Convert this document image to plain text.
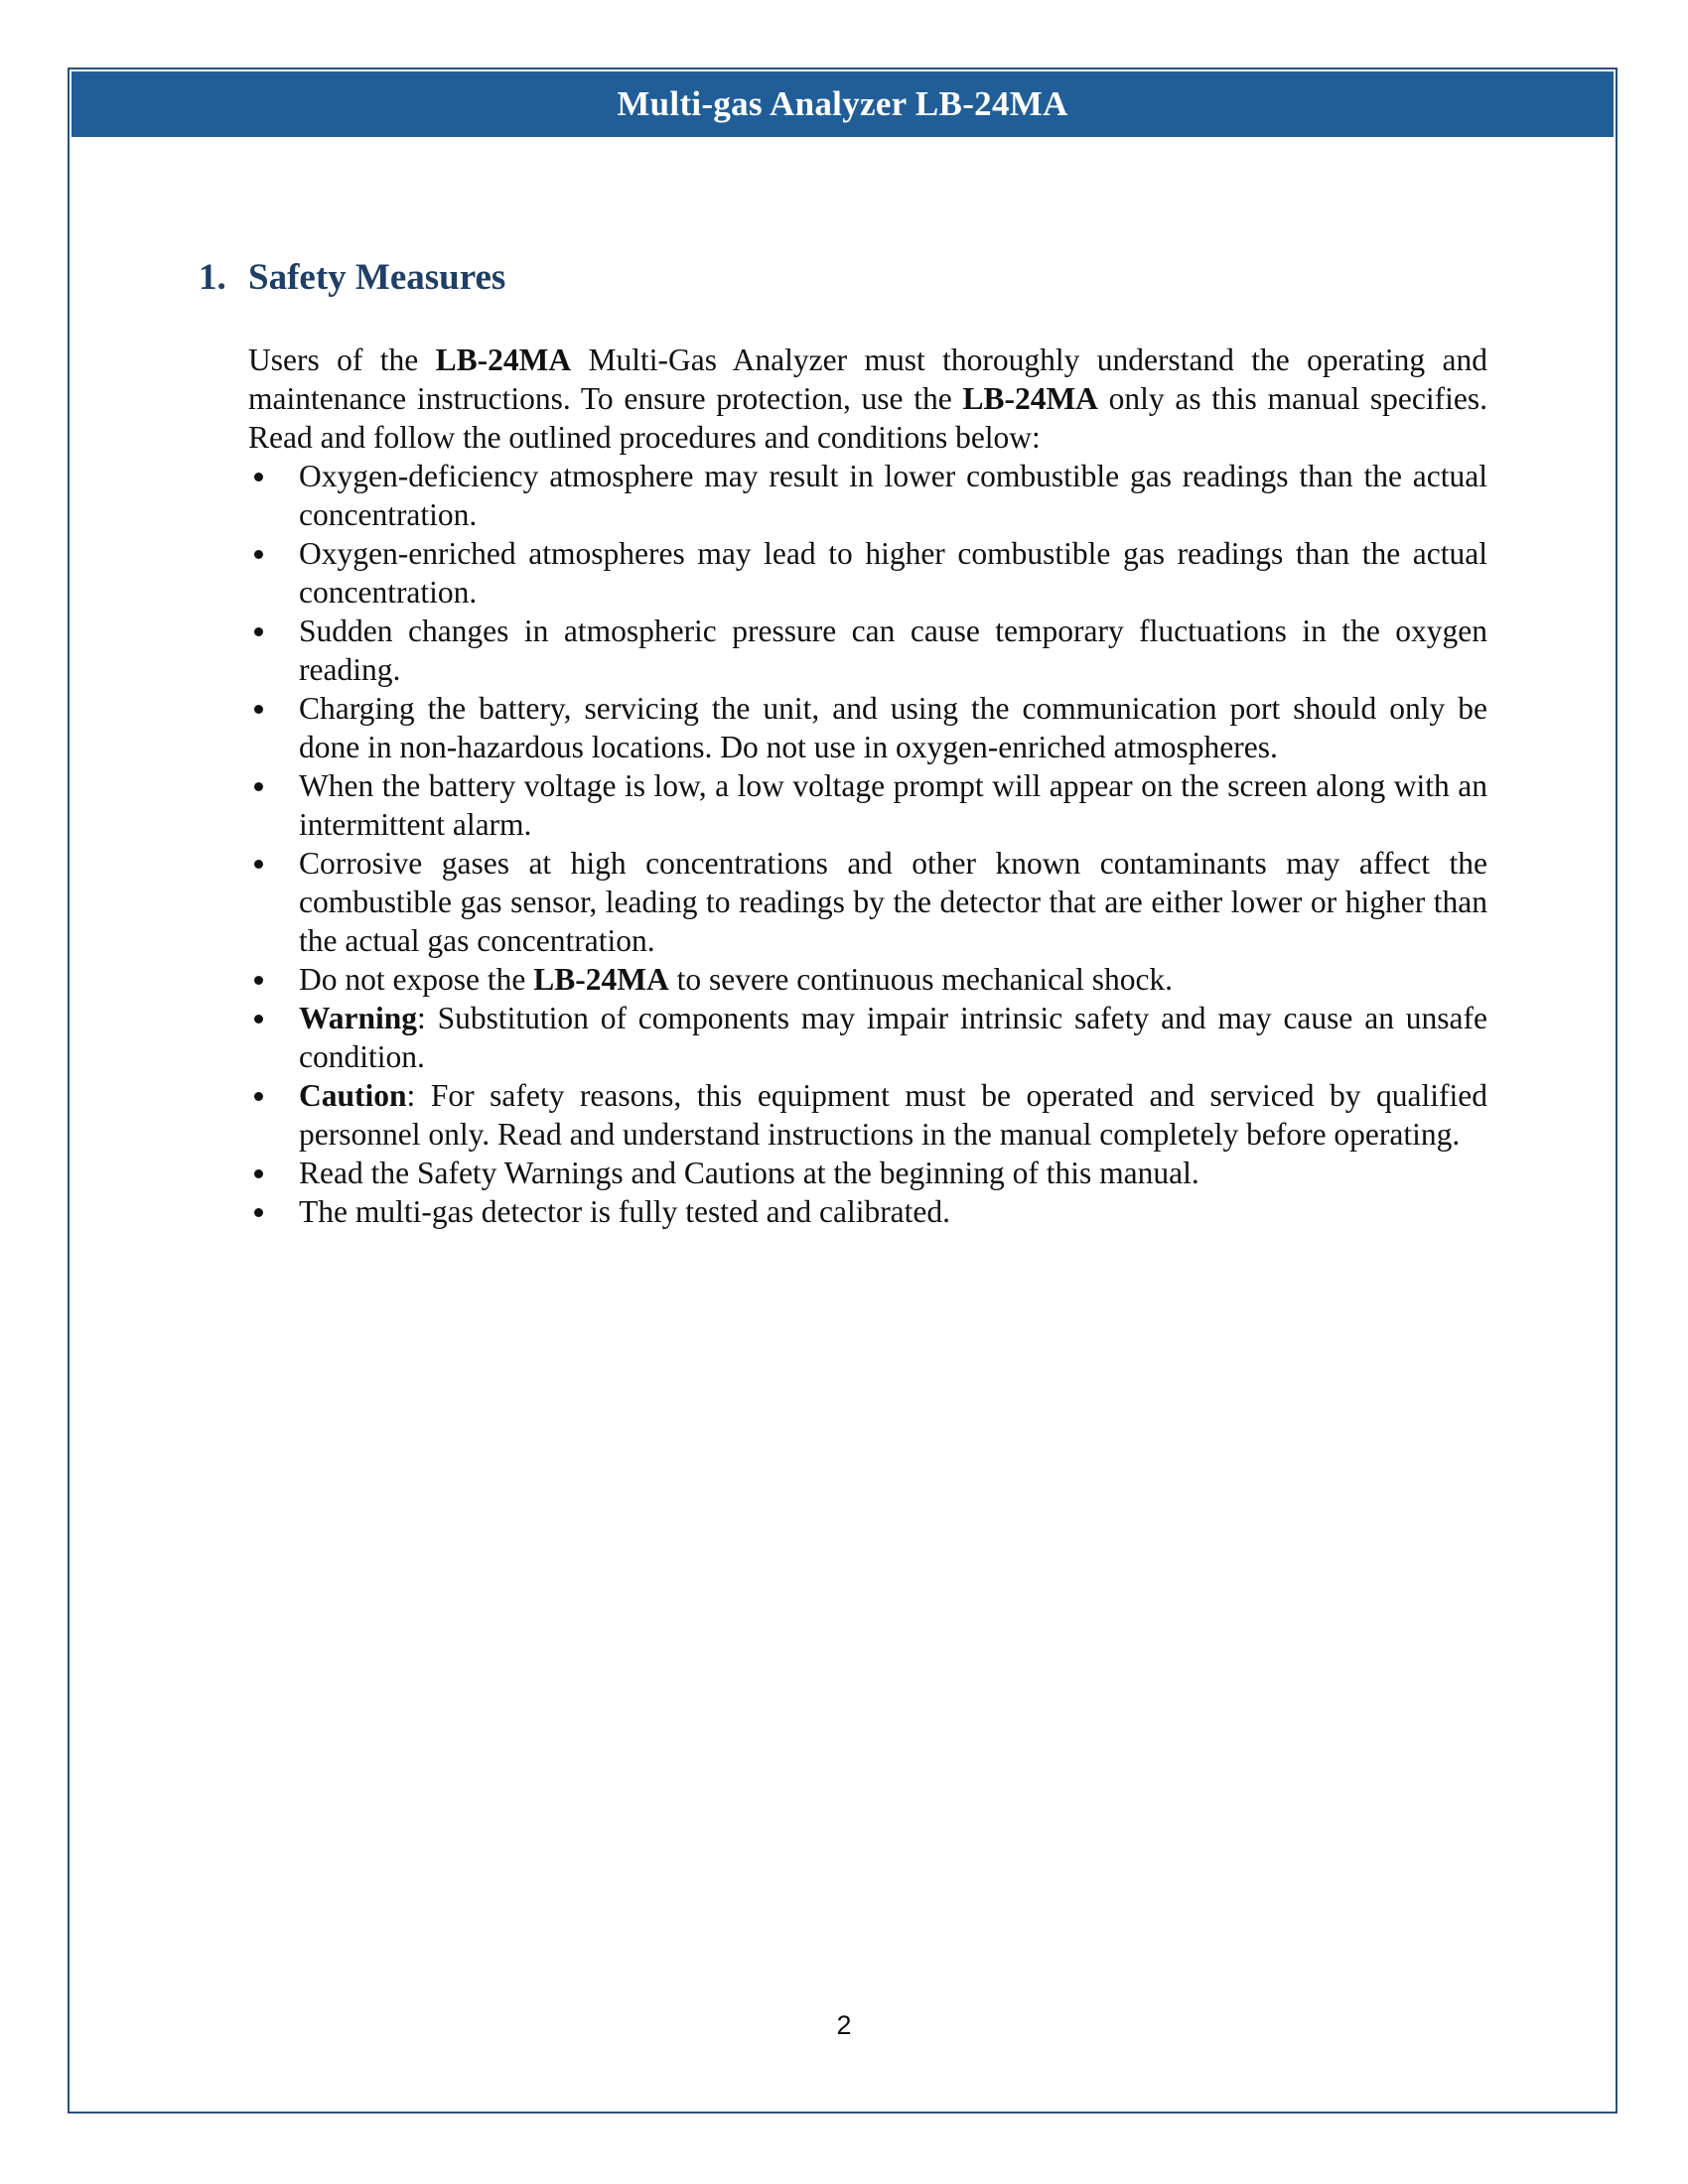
Multi-gas Analyzer LB-24MA
1. Safety Measures

Users of the LB-24MA Multi-Gas Analyzer must thoroughly understand the operating and maintenance instructions. To ensure protection, use the LB-24MA only as this manual specifies. Read and follow the outlined procedures and conditions below:

Oxygen-deficiency atmosphere may result in lower combustible gas readings than the actual concentration.
Oxygen-enriched atmospheres may lead to higher combustible gas readings than the actual concentration.
Sudden changes in atmospheric pressure can cause temporary fluctuations in the oxygen reading.
Charging the battery, servicing the unit, and using the communication port should only be done in non-hazardous locations. Do not use in oxygen-enriched atmospheres.
When the battery voltage is low, a low voltage prompt will appear on the screen along with an intermittent alarm.
Corrosive gases at high concentrations and other known contaminants may affect the combustible gas sensor, leading to readings by the detector that are either lower or higher than the actual gas concentration.
Do not expose the LB-24MA to severe continuous mechanical shock.
Warning: Substitution of components may impair intrinsic safety and may cause an unsafe condition.
Caution: For safety reasons, this equipment must be operated and serviced by qualified personnel only. Read and understand instructions in the manual completely before operating.
Read the Safety Warnings and Cautions at the beginning of this manual.
The multi-gas detector is fully tested and calibrated.
2
